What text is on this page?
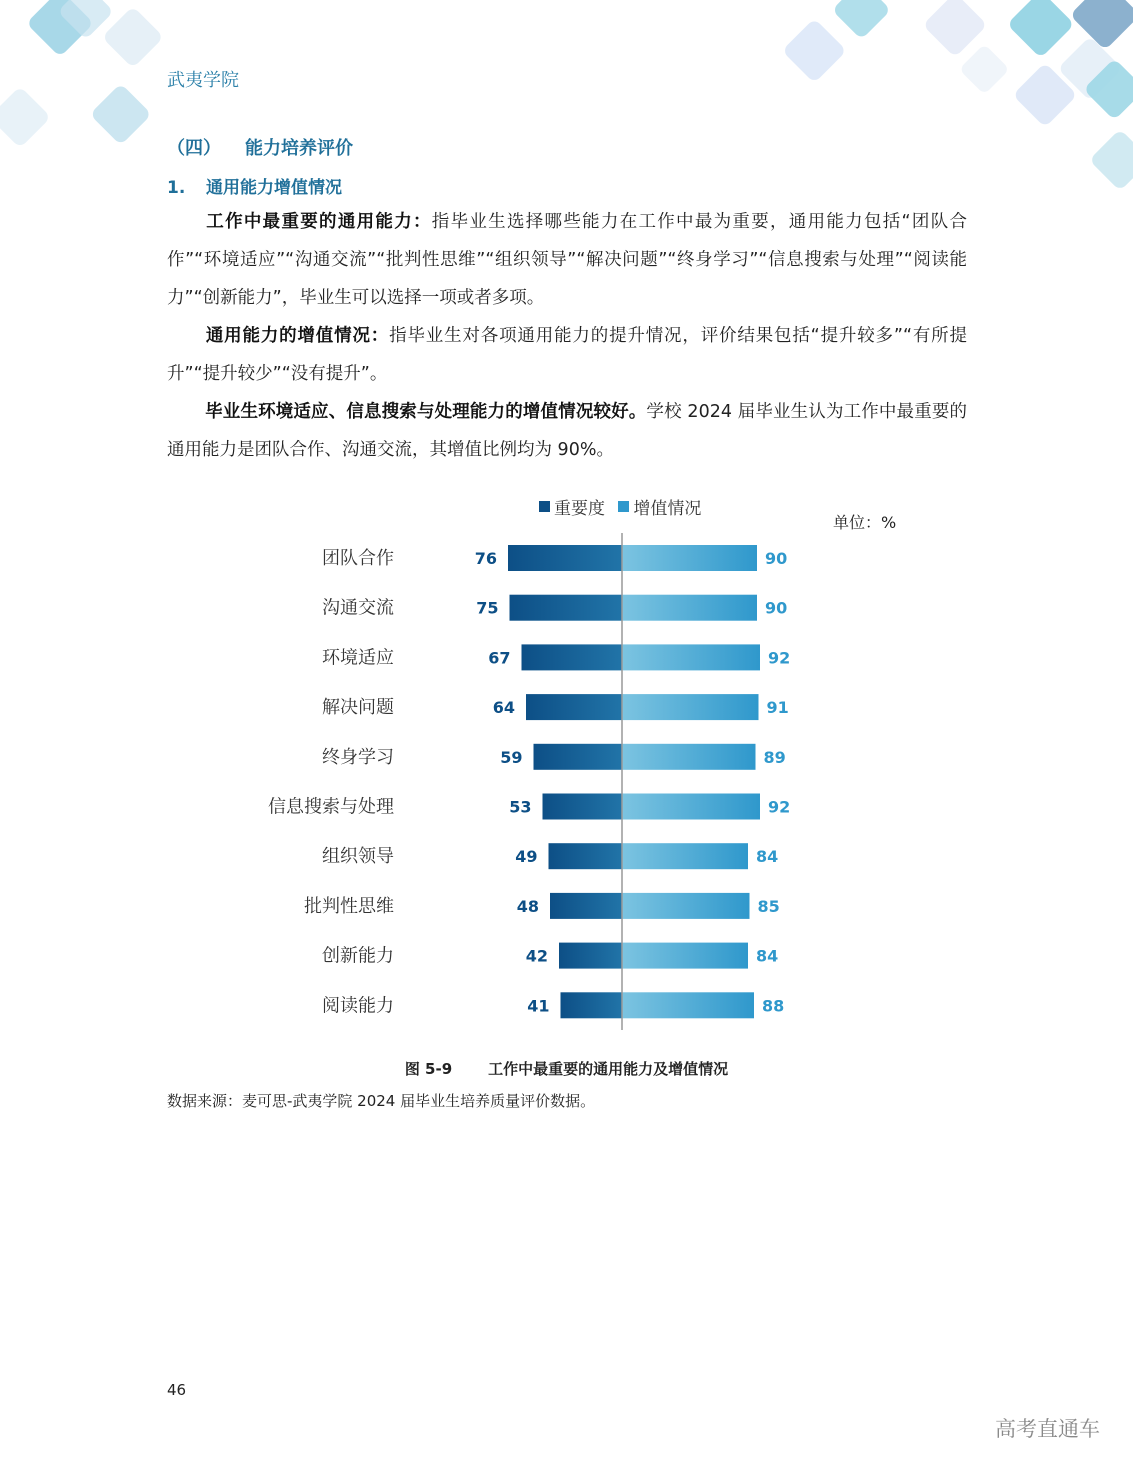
武夷学院
（四） 能力培养评价
1. 通用能力增值情况
工作中最重要的通用能力：指毕业生选择哪些能力在工作中最为重要，通用能力包括“团队合作”“环境适应”“沟通交流”“批判性思维”“组织领导”“解决问题”“终身学习”“信息搜索与处理”“阅读能力”“创新能力”，毕业生可以选择一项或者多项。
通用能力的增值情况：指毕业生对各项通用能力的提升情况，评价结果包括“提升较多”“有所提升”“提升较少”“没有提升”。
毕业生环境适应、信息搜索与处理能力的增值情况较好。学校 2024 届毕业生认为工作中最重要的通用能力是团队合作、沟通交流，其增值比例均为 90%。
重要度
增值情况
单位：%
团队合作	76	90
沟通交流	75	90
环境适应	67	92
解决问题	64	91
终身学习	59	89
信息搜索与处理	53	92
组织领导	49	84
批判性思维	48	85
创新能力	42	84
阅读能力	41	88
图 5-9 工作中最重要的通用能力及增值情况
数据来源：麦可思-武夷学院 2024 届毕业生培养质量评价数据。
46
高考直通车
